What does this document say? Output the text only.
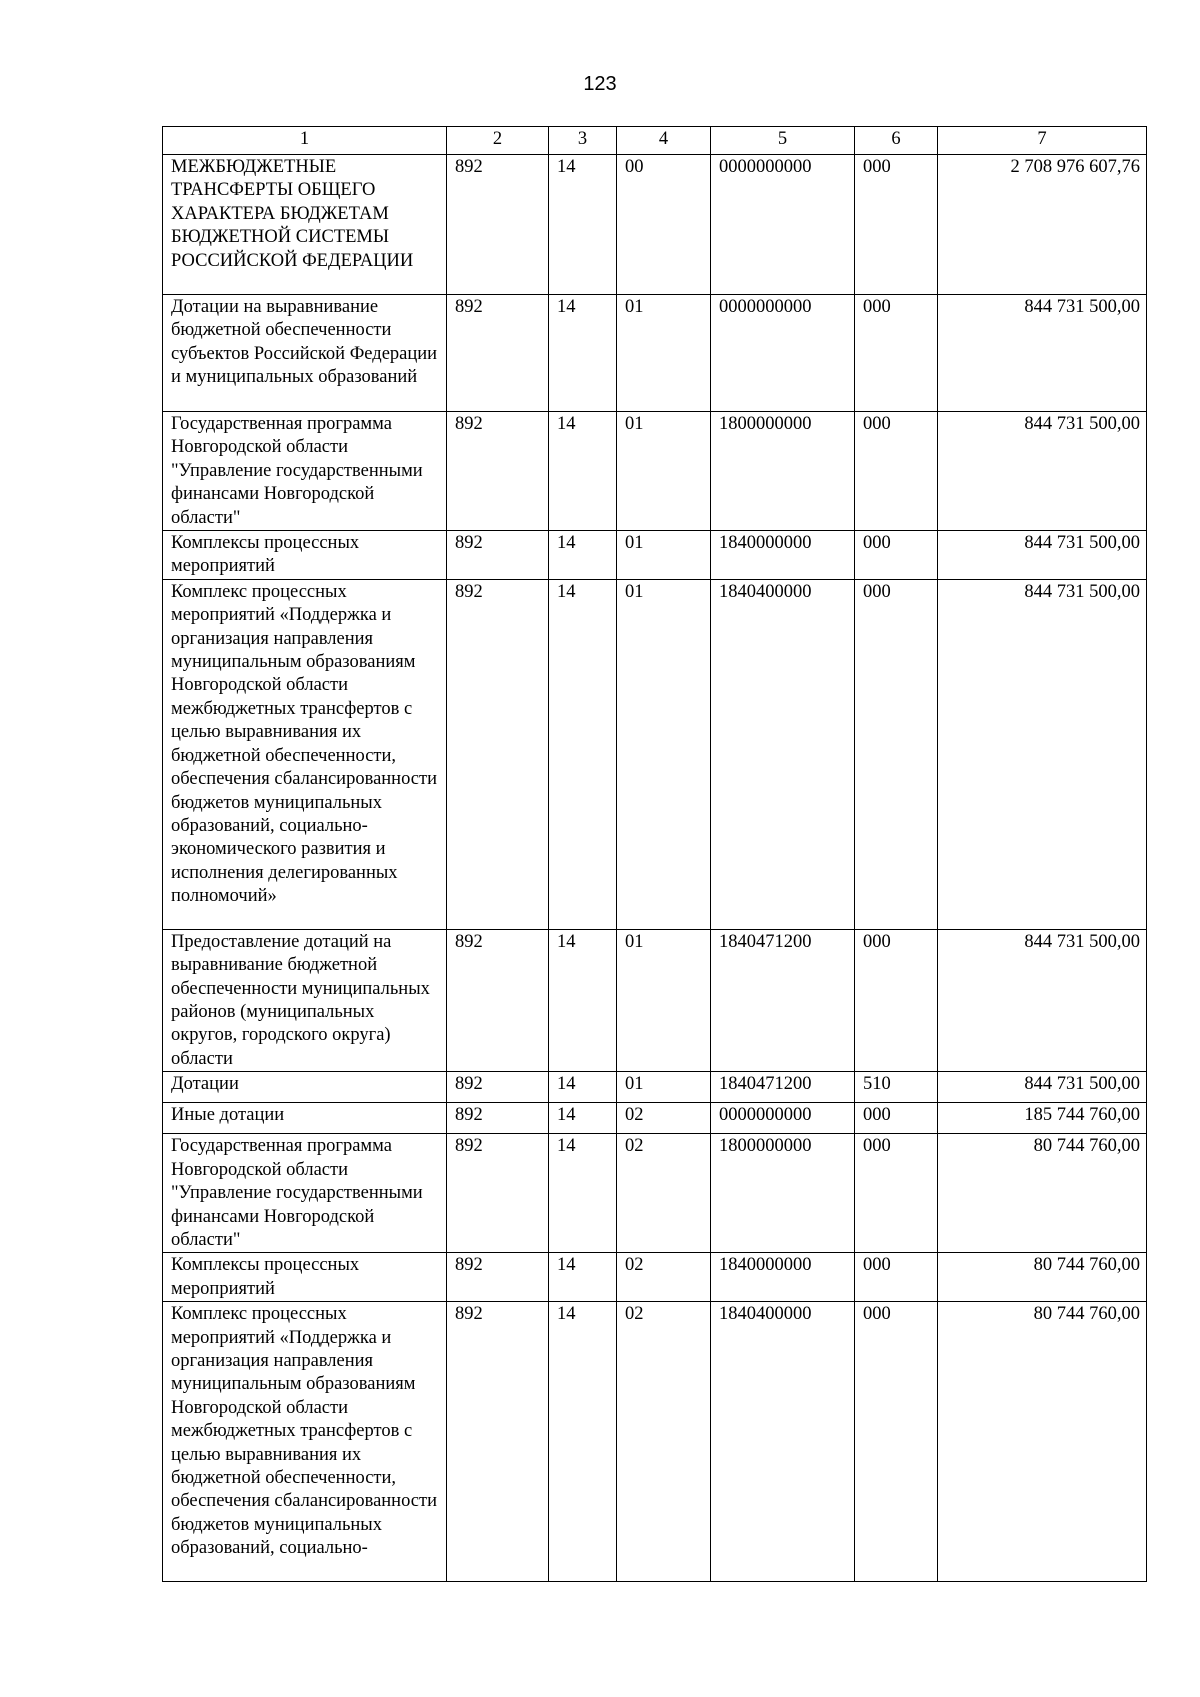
123
1	2	3	4	5	6	7
МЕЖБЮДЖЕТНЫЕ ТРАНСФЕРТЫ ОБЩЕГО ХАРАКТЕРА БЮДЖЕТАМ БЮДЖЕТНОЙ СИСТЕМЫ РОССИЙСКОЙ ФЕДЕРАЦИИ	892	14	00	0000000000	000	2 708 976 607,76
Дотации на выравнивание бюджетной обеспеченности субъектов Российской Федерации и муниципальных образований	892	14	01	0000000000	000	844 731 500,00
Государственная программа Новгородской области "Управление государственными финансами Новгородской области"	892	14	01	1800000000	000	844 731 500,00
Комплексы процессных мероприятий	892	14	01	1840000000	000	844 731 500,00
Комплекс процессных мероприятий «Поддержка и организация направления муниципальным образованиям Новгородской области межбюджетных трансфертов с целью выравнивания их бюджетной обеспеченности, обеспечения сбалансированности бюджетов муниципальных образований, социально-экономического развития и исполнения делегированных полномочий»	892	14	01	1840400000	000	844 731 500,00
Предоставление дотаций на выравнивание бюджетной обеспеченности муниципальных районов (муниципальных округов, городского округа) области	892	14	01	1840471200	000	844 731 500,00
Дотации	892	14	01	1840471200	510	844 731 500,00
Иные дотации	892	14	02	0000000000	000	185 744 760,00
Государственная программа Новгородской области "Управление государственными финансами Новгородской области"	892	14	02	1800000000	000	80 744 760,00
Комплексы процессных мероприятий	892	14	02	1840000000	000	80 744 760,00
Комплекс процессных мероприятий «Поддержка и организация направления муниципальным образованиям Новгородской области межбюджетных трансфертов с целью выравнивания их бюджетной обеспеченности, обеспечения сбалансированности бюджетов муниципальных образований, социально-	892	14	02	1840400000	000	80 744 760,00
